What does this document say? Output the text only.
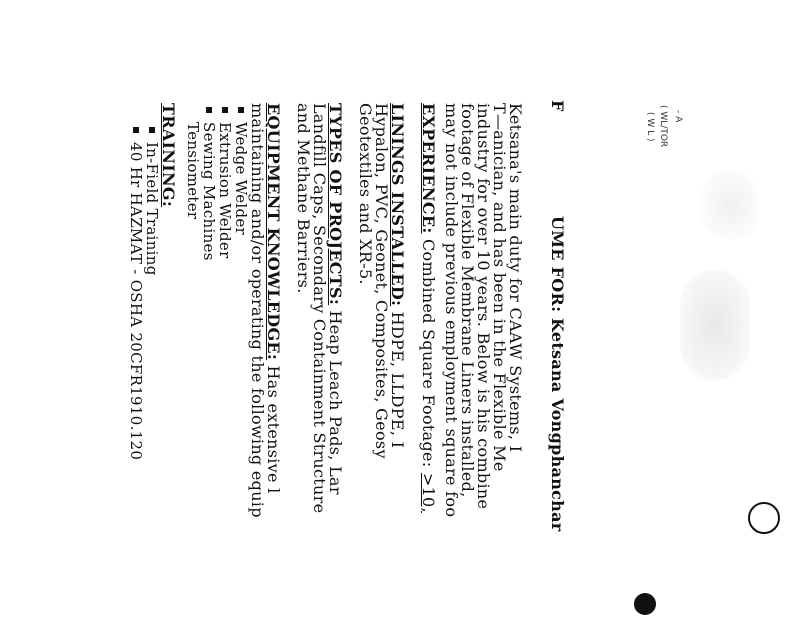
- A
( WL/TOR
( W L )
F
UME FOR:
Ketsana Vongphanchar
Ketsana's main duty for CAAW Systems, I
T—anician, and has been in the Flexible Me
industry for over 10 years. Below is his combine
footage of Flexible Membrane Liners installed,
may not include previous employment square foo
EXPERIENCE: Combined Square Footage: >10,
LININGS INSTALLED: HDPE, LLDPE, I
Hypalon, PVC, Geonet, Composites, Geosy
Geotextiles and XR-5.
TYPES OF PROJECTS: Heap Leach Pads, Lar
Landfill Caps, Secondary Containment Structure
and Methane Barriers.
EQUIPMENT KNOWLEDGE: Has extensive l
maintaining and/or operating the following equip
Wedge Welder
Extrusion Welder
Sewing Machines
Tensiometer
TRAINING:
In-Field Training
40 Hr HAZMAT - OSHA 20CFR1910.120
